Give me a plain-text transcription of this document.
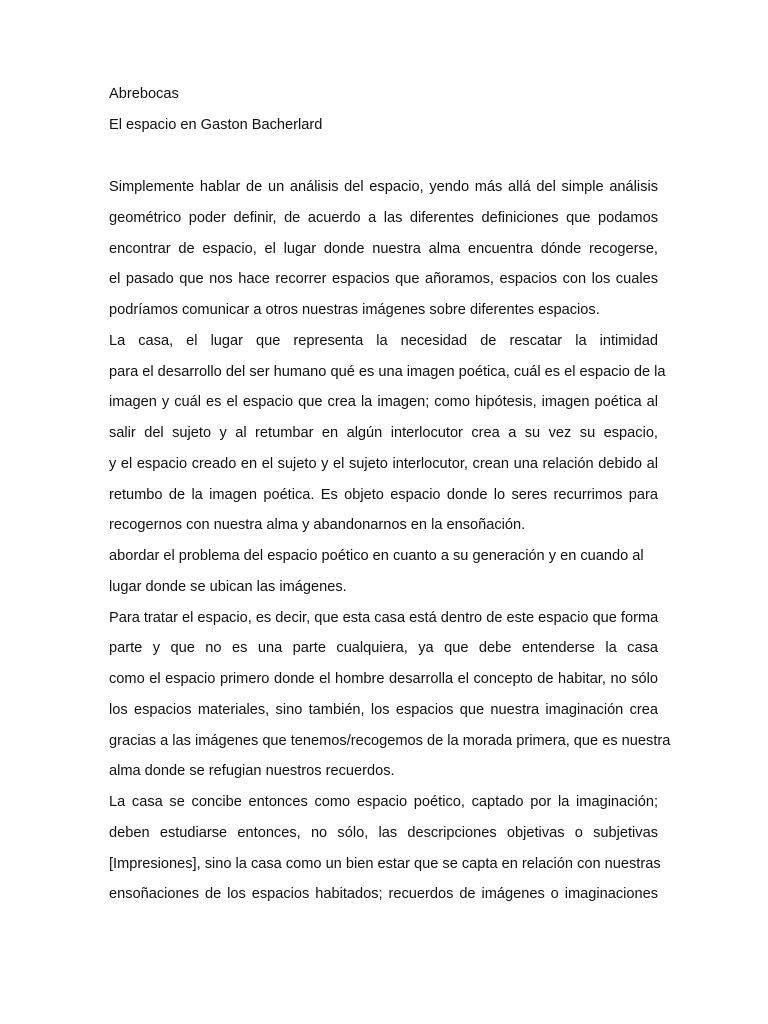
Abrebocas
El espacio en Gaston Bacherlard
Simplemente hablar de un análisis del espacio, yendo más allá del simple análisis
geométrico poder definir, de acuerdo a las diferentes definiciones que podamos
encontrar de espacio, el lugar donde nuestra alma encuentra dónde recogerse,
el pasado que nos hace recorrer espacios que añoramos, espacios con los cuales
podríamos comunicar a otros nuestras imágenes sobre diferentes espacios.
La casa, el lugar que representa la necesidad de rescatar la intimidad
para el desarrollo del ser humano qué es una imagen poética, cuál es el espacio de la
imagen y cuál es el espacio que crea la imagen; como hipótesis, imagen poética al
salir del sujeto y al retumbar en algún interlocutor crea a su vez su espacio,
y el espacio creado en el sujeto y el sujeto interlocutor, crean una relación debido al
retumbo de la imagen poética. Es objeto espacio donde lo seres recurrimos para
recogernos con nuestra alma y abandonarnos en la ensoñación.
abordar el problema del espacio poético en cuanto a su generación y en cuando al
lugar donde se ubican las imágenes.
Para tratar el espacio, es decir, que esta casa está dentro de este espacio que forma
parte y que no es una parte cualquiera, ya que debe entenderse la casa
como el espacio primero donde el hombre desarrolla el concepto de habitar, no sólo
los espacios materiales, sino también, los espacios que nuestra imaginación crea
gracias a las imágenes que tenemos/recogemos de la morada primera, que es nuestra
alma donde se refugian nuestros recuerdos.
La casa se concibe entonces como espacio poético, captado por la imaginación;
deben estudiarse entonces, no sólo, las descripciones objetivas o subjetivas
[Impresiones], sino la casa como un bien estar que se capta en relación con nuestras
ensoñaciones de los espacios habitados; recuerdos de imágenes o imaginaciones
